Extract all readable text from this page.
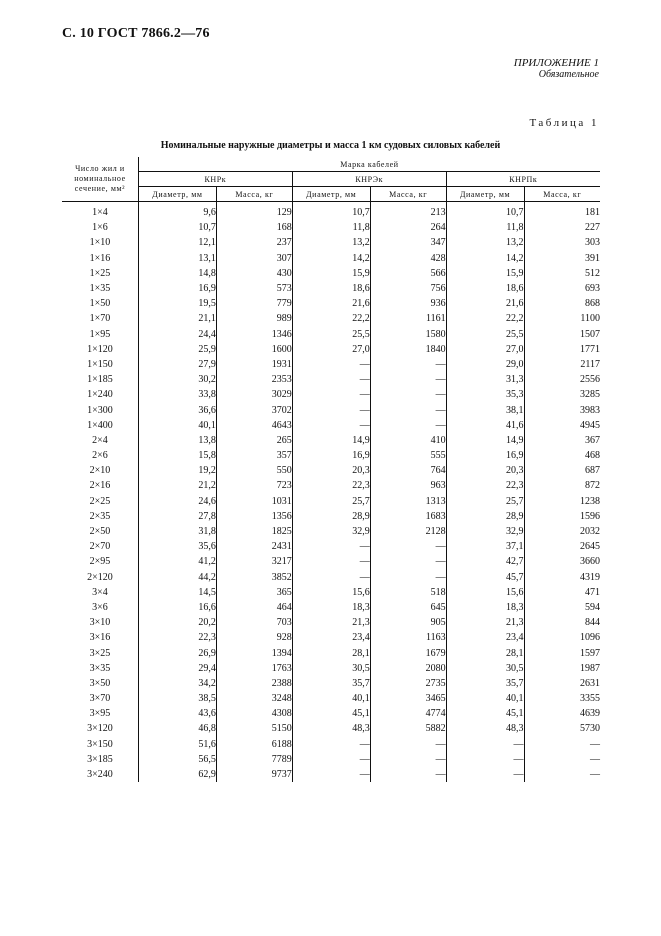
С. 10 ГОСТ 7866.2—76
ПРИЛОЖЕНИЕ 1
Обязательное
Таблица 1
Номинальные наружные диаметры и масса 1 км судовых силовых кабелей
Число жил и номинальное сечение, мм²	Марка кабелей					
	КНРк		КНРЭк		КНРПк	
	Диаметр, мм	Масса, кг	Диаметр, мм	Масса, кг	Диаметр, мм	Масса, кг
1×4	9,6	129	10,7	213	10,7	181
1×6	10,7	168	11,8	264	11,8	227
1×10	12,1	237	13,2	347	13,2	303
1×16	13,1	307	14,2	428	14,2	391
1×25	14,8	430	15,9	566	15,9	512
1×35	16,9	573	18,6	756	18,6	693
1×50	19,5	779	21,6	936	21,6	868
1×70	21,1	989	22,2	1161	22,2	1100
1×95	24,4	1346	25,5	1580	25,5	1507
1×120	25,9	1600	27,0	1840	27,0	1771
1×150	27,9	1931	—	—	29,0	2117
1×185	30,2	2353	—	—	31,3	2556
1×240	33,8	3029	—	—	35,3	3285
1×300	36,6	3702	—	—	38,1	3983
1×400	40,1	4643	—	—	41,6	4945
2×4	13,8	265	14,9	410	14,9	367
2×6	15,8	357	16,9	555	16,9	468
2×10	19,2	550	20,3	764	20,3	687
2×16	21,2	723	22,3	963	22,3	872
2×25	24,6	1031	25,7	1313	25,7	1238
2×35	27,8	1356	28,9	1683	28,9	1596
2×50	31,8	1825	32,9	2128	32,9	2032
2×70	35,6	2431	—	—	37,1	2645
2×95	41,2	3217	—	—	42,7	3660
2×120	44,2	3852	—	—	45,7	4319
3×4	14,5	365	15,6	518	15,6	471
3×6	16,6	464	18,3	645	18,3	594
3×10	20,2	703	21,3	905	21,3	844
3×16	22,3	928	23,4	1163	23,4	1096
3×25	26,9	1394	28,1	1679	28,1	1597
3×35	29,4	1763	30,5	2080	30,5	1987
3×50	34,2	2388	35,7	2735	35,7	2631
3×70	38,5	3248	40,1	3465	40,1	3355
3×95	43,6	4308	45,1	4774	45,1	4639
3×120	46,8	5150	48,3	5882	48,3	5730
3×150	51,6	6188	—	—	—	—
3×185	56,5	7789	—	—	—	—
3×240	62,9	9737	—	—	—	—
